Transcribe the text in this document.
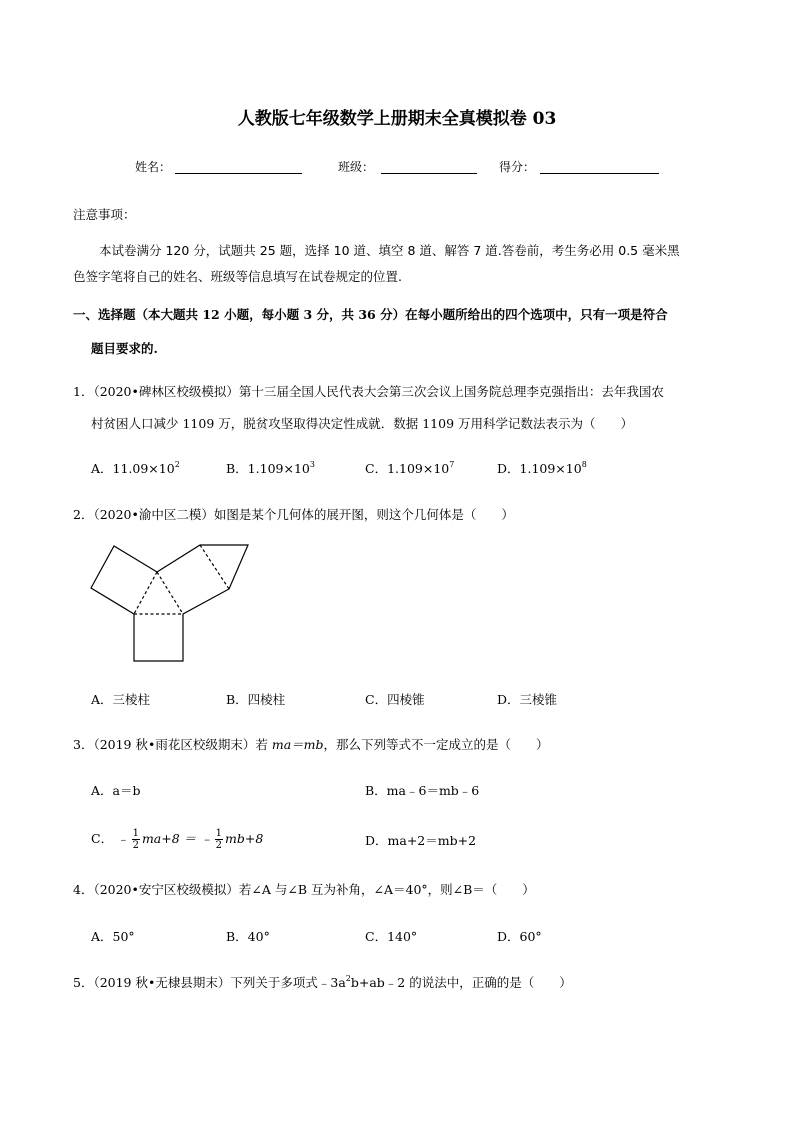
人教版七年级数学上册期末全真模拟卷 03
姓名：	班级：	得分：
注意事项：
本试卷满分 120 分，试题共 25 题，选择 10 道、填空 8 道、解答 7 道.答卷前，考生务必用 0.5 毫米黑
色签字笔将自己的姓名、班级等信息填写在试卷规定的位置.
一、选择题（本大题共 12 小题，每小题 3 分，共 36 分）在每小题所给出的四个选项中，只有一项是符合
题目要求的.
1．（2020•碑林区校级模拟）第十三届全国人民代表大会第三次会议上国务院总理李克强指出：去年我国农
村贫困人口减少 1109 万，脱贫攻坚取得决定性成就．数据 1109 万用科学记数法表示为（　　）
A．$11.09\times 10^2$	B．$1.109\times 10^3$	C．$1.109\times 10^7$	D．$1.109\times 10^8$
2．（2020•渝中区二模）如图是某个几何体的展开图，则这个几何体是（　　）
A．三棱柱	B．四棱柱	C．四棱锥	D．三棱锥
3．（2019 秋•雨花区校级期末）若 ma＝mb，那么下列等式不一定成立的是（　　）
A．a＝b	B．ma﹣6＝mb﹣6
C． ﹣ $\frac{1}{2} ma+8$ ＝ ﹣ $\frac{1}{2} mb+8$	D．ma+2＝mb+2
4．（2020•安宁区校级模拟）若∠A 与∠B 互为补角，∠A＝40°，则∠B＝（　　）
A．50°	B．40°	C．140°	D．60°
5．（2019 秋•无棣县期末）下列关于多项式$﹣3a^2b+ab﹣2$ 的说法中，正确的是（　　）
